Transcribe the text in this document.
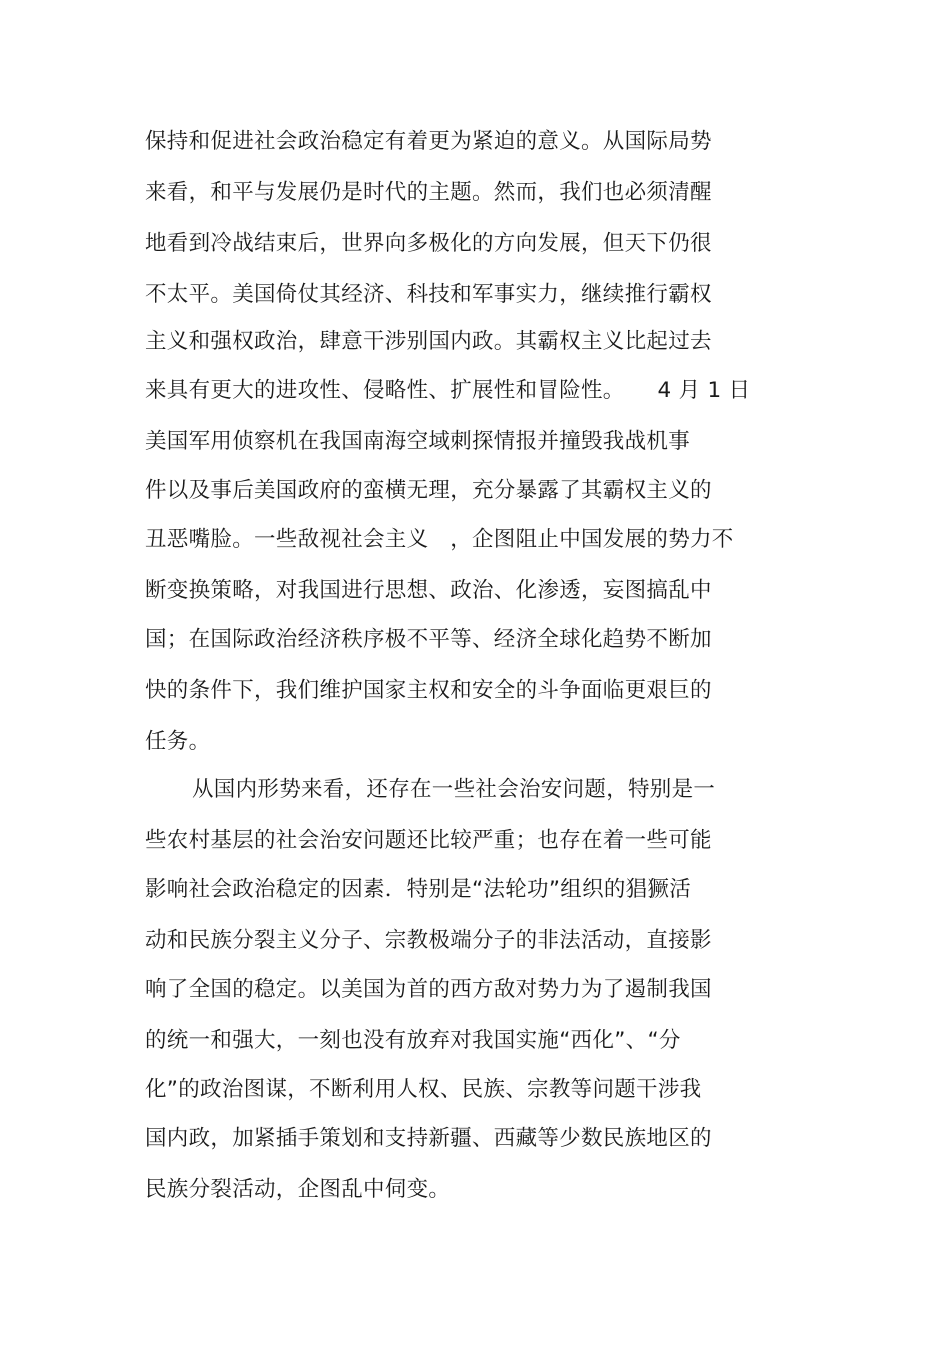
保持和促进社会政治稳定有着更为紧迫的意义。从国际局势
来看，和平与发展仍是时代的主题。然而，我们也必须清醒
地看到冷战结束后，世界向多极化的方向发展，但天下仍很
不太平。美国倚仗其经济、科技和军事实力，继续推行霸权
主义和强权政治，肆意干涉别国内政。其霸权主义比起过去
来具有更大的进攻性、侵略性、扩展性和冒险性。　　4 月 1 日
美国军用侦察机在我国南海空域刺探情报并撞毁我战机事
件以及事后美国政府的蛮横无理，充分暴露了其霸权主义的
丑恶嘴脸。一些敌视社会主义　，企图阻止中国发展的势力不
断变换策略，对我国进行思想、政治、化渗透，妄图搞乱中
国；在国际政治经济秩序极不平等、经济全球化趋势不断加
快的条件下，我们维护国家主权和安全的斗争面临更艰巨的
任务。
从国内形势来看，还存在一些社会治安问题，特别是一
些农村基层的社会治安问题还比较严重；也存在着一些可能
影响社会政治稳定的因素．特别是“法轮功”组织的猖獗活
动和民族分裂主义分子、宗教极端分子的非法活动，直接影
响了全国的稳定。以美国为首的西方敌对势力为了遏制我国
的统一和强大，一刻也没有放弃对我国实施“西化”、“分
化”的政治图谋，不断利用人权、民族、宗教等问题干涉我
国内政，加紧插手策划和支持新疆、西藏等少数民族地区的
民族分裂活动，企图乱中伺变。
